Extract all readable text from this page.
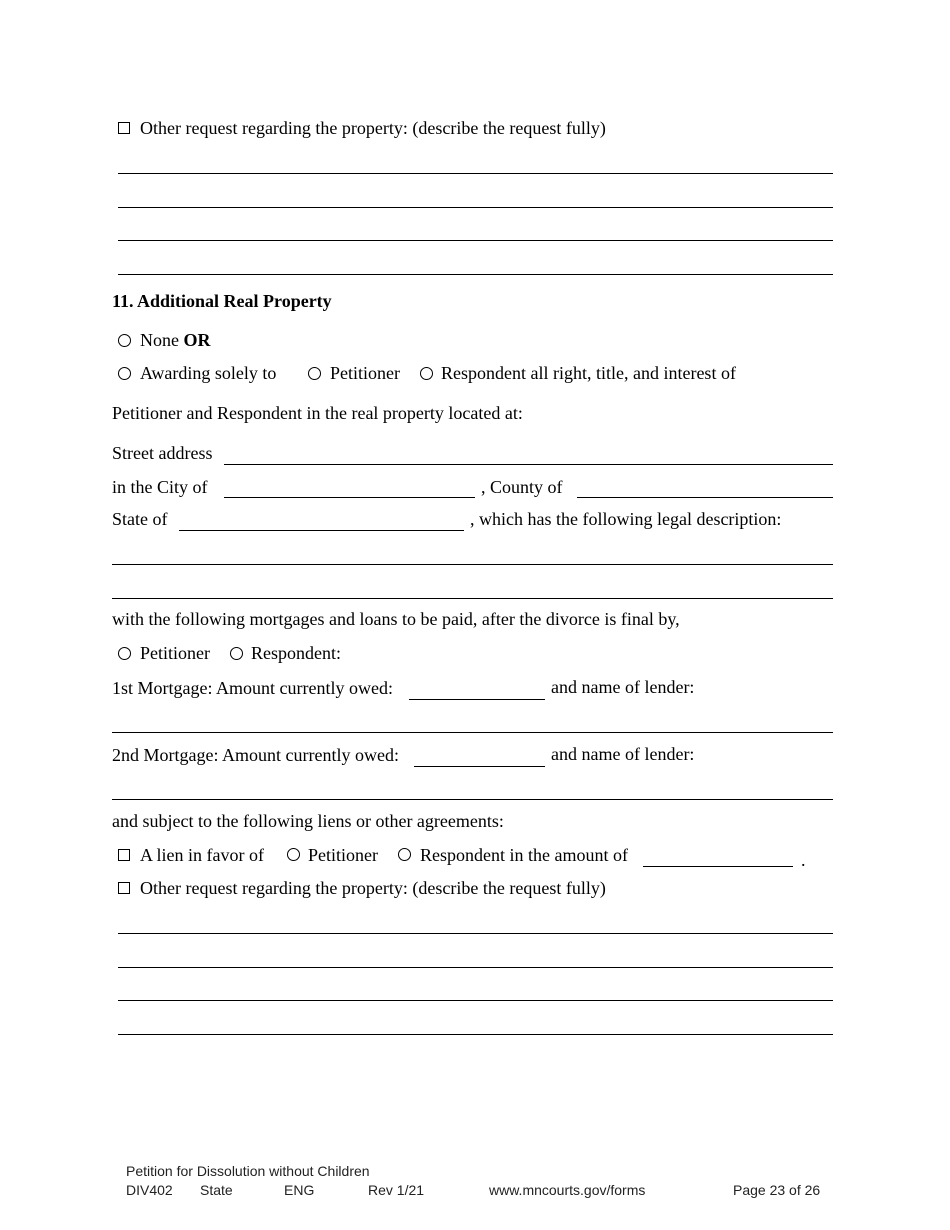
Other request regarding the property: (describe the request fully)
11. Additional Real Property
None OR
Awarding solely to	Petitioner Respondent all right, title, and interest of
Petitioner and Respondent in the real property located at:
Street address
in the City of	, County of
State of	, which has the following legal description:
with the following mortgages and loans to be paid, after the divorce is final by,
Petitioner Respondent:
1st Mortgage: Amount currently owed:	and name of lender:
2nd Mortgage: Amount currently owed:	and name of lender:
and subject to the following liens or other agreements:
A lien in favor of Petitioner Respondent in the amount of	.
Other request regarding the property: (describe the request fully)
Petition for Dissolution without Children
DIV402 State	ENG	Rev 1/21	www.mncourts.gov/forms	Page 23 of 26
